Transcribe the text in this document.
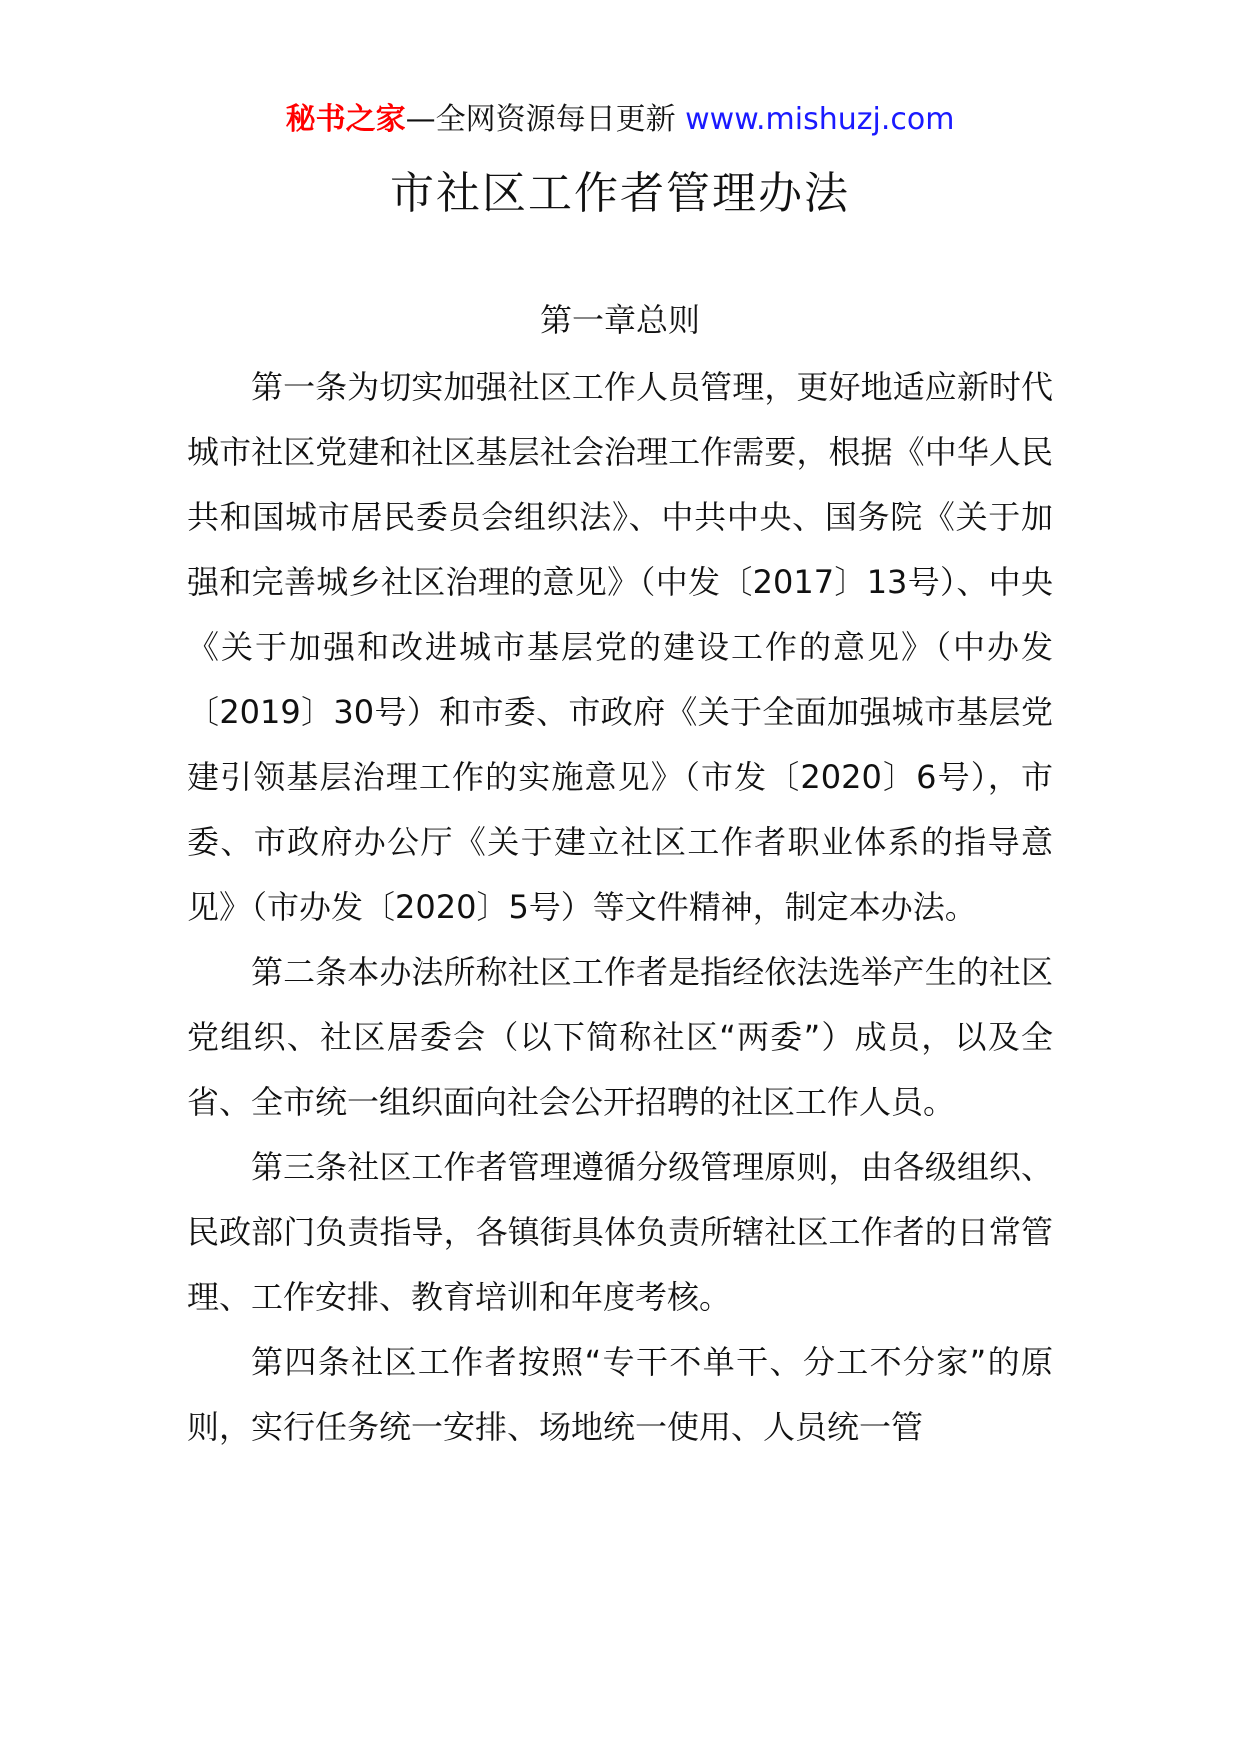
秘书之家—全网资源每日更新 www.mishuzj.com
市社区工作者管理办法
第一章总则

第一条为切实加强社区工作人员管理，更好地适应新时代城市社区党建和社区基层社会治理工作需要，根据《中华人民共和国城市居民委员会组织法》、中共中央、国务院《关于加强和完善城乡社区治理的意见》（中发〔2017〕13号）、中央《关于加强和改进城市基层党的建设工作的意见》（中办发〔2019〕30号）和市委、市政府《关于全面加强城市基层党建引领基层治理工作的实施意见》（市发〔2020〕6号），市委、市政府办公厅《关于建立社区工作者职业体系的指导意见》（市办发〔2020〕5号）等文件精神，制定本办法。

第二条本办法所称社区工作者是指经依法选举产生的社区党组织、社区居委会（以下简称社区“两委”）成员，以及全省、全市统一组织面向社会公开招聘的社区工作人员。

第三条社区工作者管理遵循分级管理原则，由各级组织、民政部门负责指导，各镇街具体负责所辖社区工作者的日常管理、工作安排、教育培训和年度考核。

第四条社区工作者按照“专干不单干、分工不分家”的原则，实行任务统一安排、场地统一使用、人员统一管
